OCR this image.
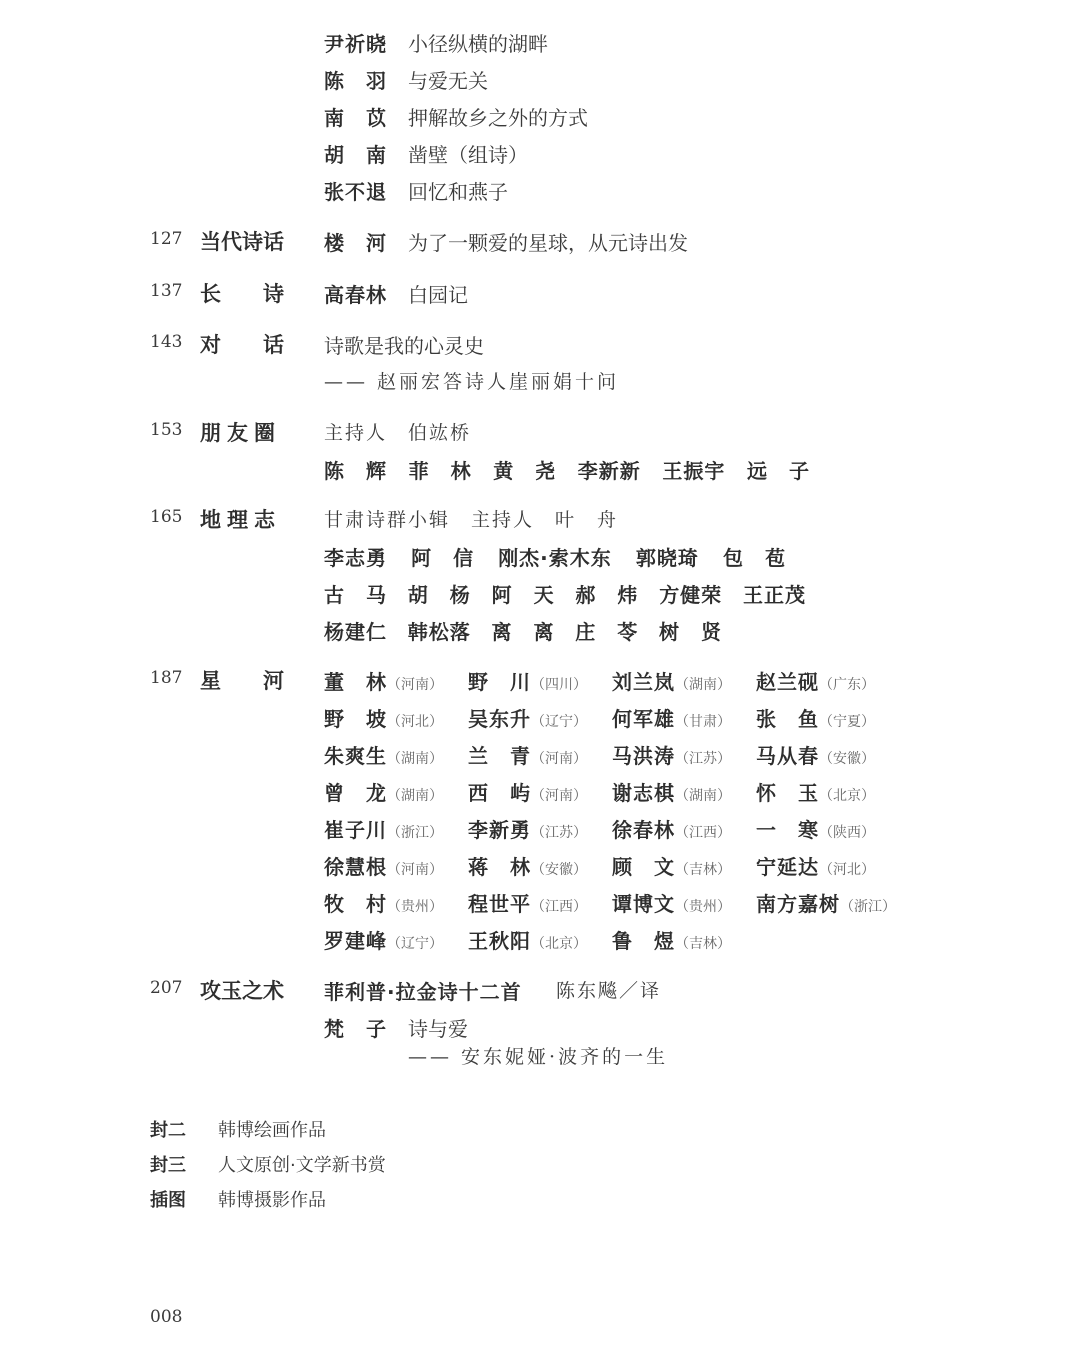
尹祈晓 小径纵横的湖畔
陈　羽 与爱无关
南　苡 押解故乡之外的方式
胡　南 凿壁（组诗）
张不退 回忆和燕子
127 当代诗话 楼　河 为了一颗爱的星球，从元诗出发
137 长　　诗 高春林 白园记
143 对　　话 诗歌是我的心灵史
—— 赵丽宏答诗人崖丽娟十问
153 朋友圈 主持人　伯竑桥
陈　辉 菲　林 黄　尧 李新新 王振宇 远　子
165 地理志 甘肃诗群小辑　主持人　叶　舟
李志勇 阿　信 刚杰·索木东 郭晓琦 包　苞
古　马 胡　杨 阿　天 郝　炜 方健荣 王正茂
杨建仁 韩松落 离　离 庄　苓 树　贤
187 星　　河 董　林（河南） 野　川（四川） 刘兰岚（湖南） 赵兰砚（广东）
野　坡（河北） 吴东升（辽宁） 何军雄（甘肃） 张　鱼（宁夏）
朱爽生（湖南） 兰　青（河南） 马洪涛（江苏） 马从春（安徽）
曾　龙（湖南） 西　屿（河南） 谢志棋（湖南） 怀　玉（北京）
崔子川（浙江） 李新勇（江苏） 徐春林（江西） 一　寒（陕西）
徐慧根（河南） 蒋　林（安徽） 顾　文（吉林） 宁延达（河北）
牧　村（贵州） 程世平（江西） 谭博文（贵州） 南方嘉树（浙江）
罗建峰（辽宁） 王秋阳（北京） 鲁　煜（吉林）
207 攻玉之术 菲利普·拉金诗十二首 陈东飚／译
梵　子 诗与爱
—— 安东妮娅·波齐的一生
封二 韩博绘画作品
封三 人文原创·文学新书赏
插图 韩博摄影作品
008
